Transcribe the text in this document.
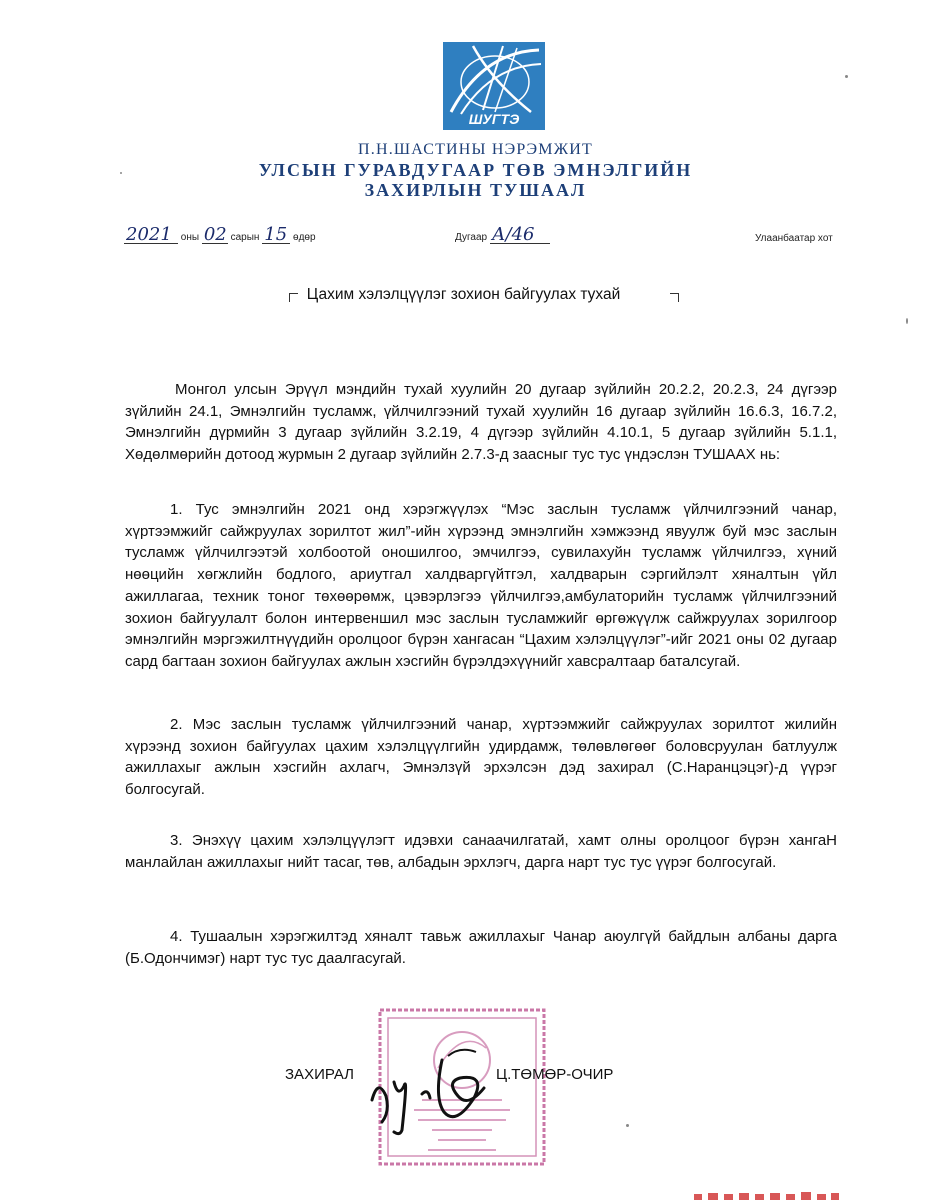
ШУГТЭ
П.Н.ШАСТИНЫ НЭРЭМЖИТ
УЛСЫН ГУРАВДУГААР ТӨВ ЭМНЭЛГИЙН
ЗАХИРЛЫН ТУШААЛ
2021 оны 02 сарын 15 өдөр	Дугаар А/46	Улаанбаатар хот
Цахим хэлэлцүүлэг зохион байгуулах тухай

Монгол улсын Эрүүл мэндийн тухай хуулийн 20 дугаар зүйлийн 20.2.2, 20.2.3, 24 дүгээр зүйлийн 24.1, Эмнэлгийн тусламж, үйлчилгээний тухай хуулийн 16 дугаар зүйлийн 16.6.3, 16.7.2, Эмнэлгийн дүрмийн 3 дугаар зүйлийн 3.2.19, 4 дүгээр зүйлийн 4.10.1, 5 дугаар зүйлийн 5.1.1, Хөдөлмөрийн дотоод журмын 2 дугаар зүйлийн 2.7.3-д заасныг тус тус үндэслэн ТУШААХ нь:

1. Тус эмнэлгийн 2021 онд хэрэгжүүлэх “Мэс заслын тусламж үйлчилгээний чанар, хүртээмжийг сайжруулах зорилтот жил”-ийн хүрээнд эмнэлгийн хэмжээнд явуулж буй мэс заслын тусламж үйлчилгээтэй холбоотой оношилгоо, эмчилгээ, сувилахуйн тусламж үйлчилгээ, хүний нөөцийн хөгжлийн бодлого, ариутгал халдваргүйтгэл, халдварын сэргийлэлт хяналтын үйл ажиллагаа, техник тоног төхөөрөмж, цэвэрлэгээ үйлчилгээ,амбулаторийн тусламж үйлчилгээний зохион байгуулалт болон интервеншил мэс заслын тусламжийг өргөжүүлж сайжруулах зорилгоор эмнэлгийн мэргэжилтнүүдийн оролцоог бүрэн хангасан “Цахим хэлэлцүүлэг”-ийг 2021 оны 02 дугаар сард багтаан зохион байгуулах ажлын хэсгийн бүрэлдэхүүнийг хавсралтаар баталсугай.

2. Мэс заслын тусламж үйлчилгээний чанар, хүртээмжийг сайжруулах зорилтот жилийн хүрээнд зохион байгуулах цахим хэлэлцүүлгийн удирдамж, төлөвлөгөөг боловсруулан батлуулж ажиллахыг ажлын хэсгийн ахлагч, Эмнэлзүй эрхэлсэн дэд захирал (С.Наранцэцэг)-д үүрэг болгосугай.

3. Энэхүү цахим хэлэлцүүлэгт идэвхи санаачилгатай, хамт олны оролцоог бүрэн хангаН манлайлан ажиллахыг нийт тасаг, төв, албадын эрхлэгч, дарга нарт тус тус үүрэг болгосугай.

4. Тушаалын хэрэгжилтэд хяналт тавьж ажиллахыг Чанар аюулгүй байдлын албаны дарга (Б.Одончимэг) нарт тус тус даалгасугай.

ЗАХИРАЛ	Ц.ТӨМӨР-ОЧИР
